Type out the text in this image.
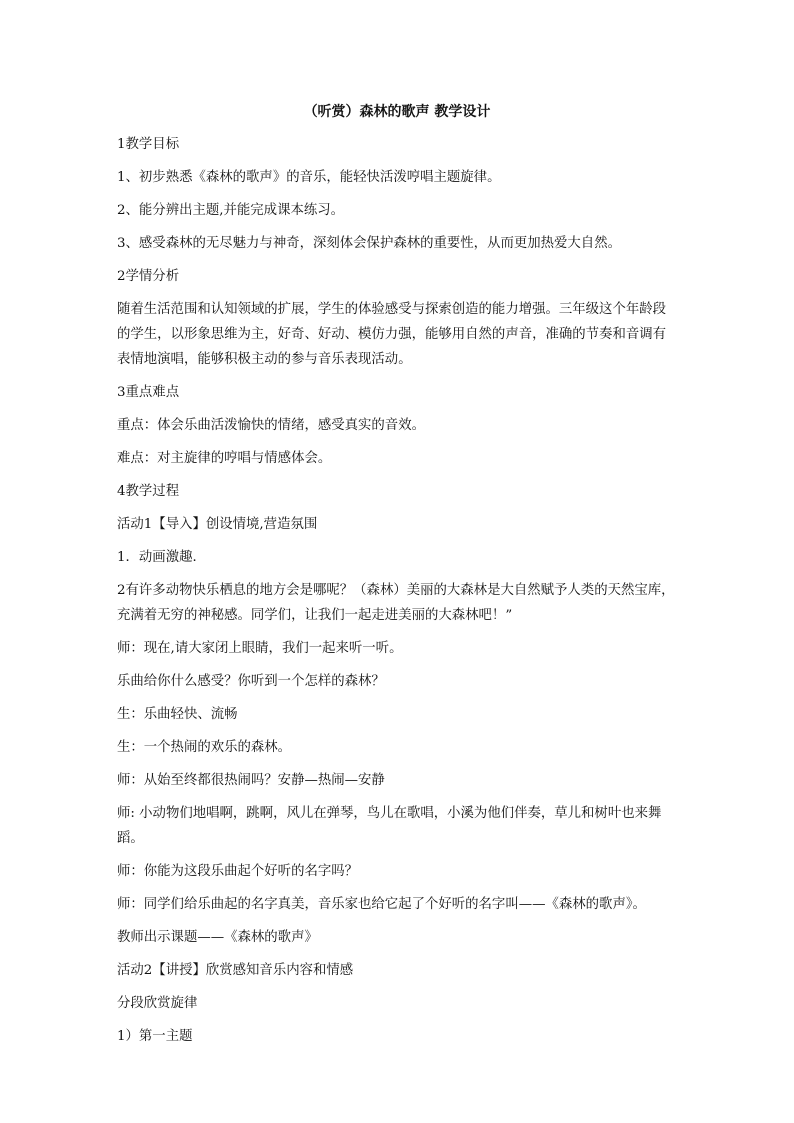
（听赏）森林的歌声 教学设计

1教学目标

1、初步熟悉《森林的歌声》的音乐，能轻快活泼哼唱主题旋律。

2、能分辨出主题,并能完成课本练习。

3、感受森林的无尽魅力与神奇，深刻体会保护森林的重要性，从而更加热爱大自然。

2学情分析

随着生活范围和认知领域的扩展，学生的体验感受与探索创造的能力增强。三年级这个年龄段的学生，以形象思维为主，好奇、好动、模仿力强，能够用自然的声音，准确的节奏和音调有表情地演唱，能够积极主动的参与音乐表现活动。

3重点难点

重点：体会乐曲活泼愉快的情绪，感受真实的音效。

难点：对主旋律的哼唱与情感体会。

4教学过程

活动1【导入】创设情境,营造氛围

1．动画激趣．

2有许多动物快乐栖息的地方会是哪呢？（森林）美丽的大森林是大自然赋予人类的天然宝库，充满着无穷的神秘感。同学们，让我们一起走进美丽的大森林吧！”

师：现在,请大家闭上眼睛，我们一起来听一听。

乐曲给你什么感受？你听到一个怎样的森林？

生：乐曲轻快、流畅

生：一个热闹的欢乐的森林。

师：从始至终都很热闹吗？安静—热闹—安静

师: 小动物们地唱啊，跳啊，风儿在弹琴，鸟儿在歌唱，小溪为他们伴奏，草儿和树叶也来舞蹈。

师：你能为这段乐曲起个好听的名字吗？

师：同学们给乐曲起的名字真美，音乐家也给它起了个好听的名字叫——《森林的歌声》。

教师出示课题——《森林的歌声》

活动2【讲授】欣赏感知音乐内容和情感

分段欣赏旋律

1）第一主题
